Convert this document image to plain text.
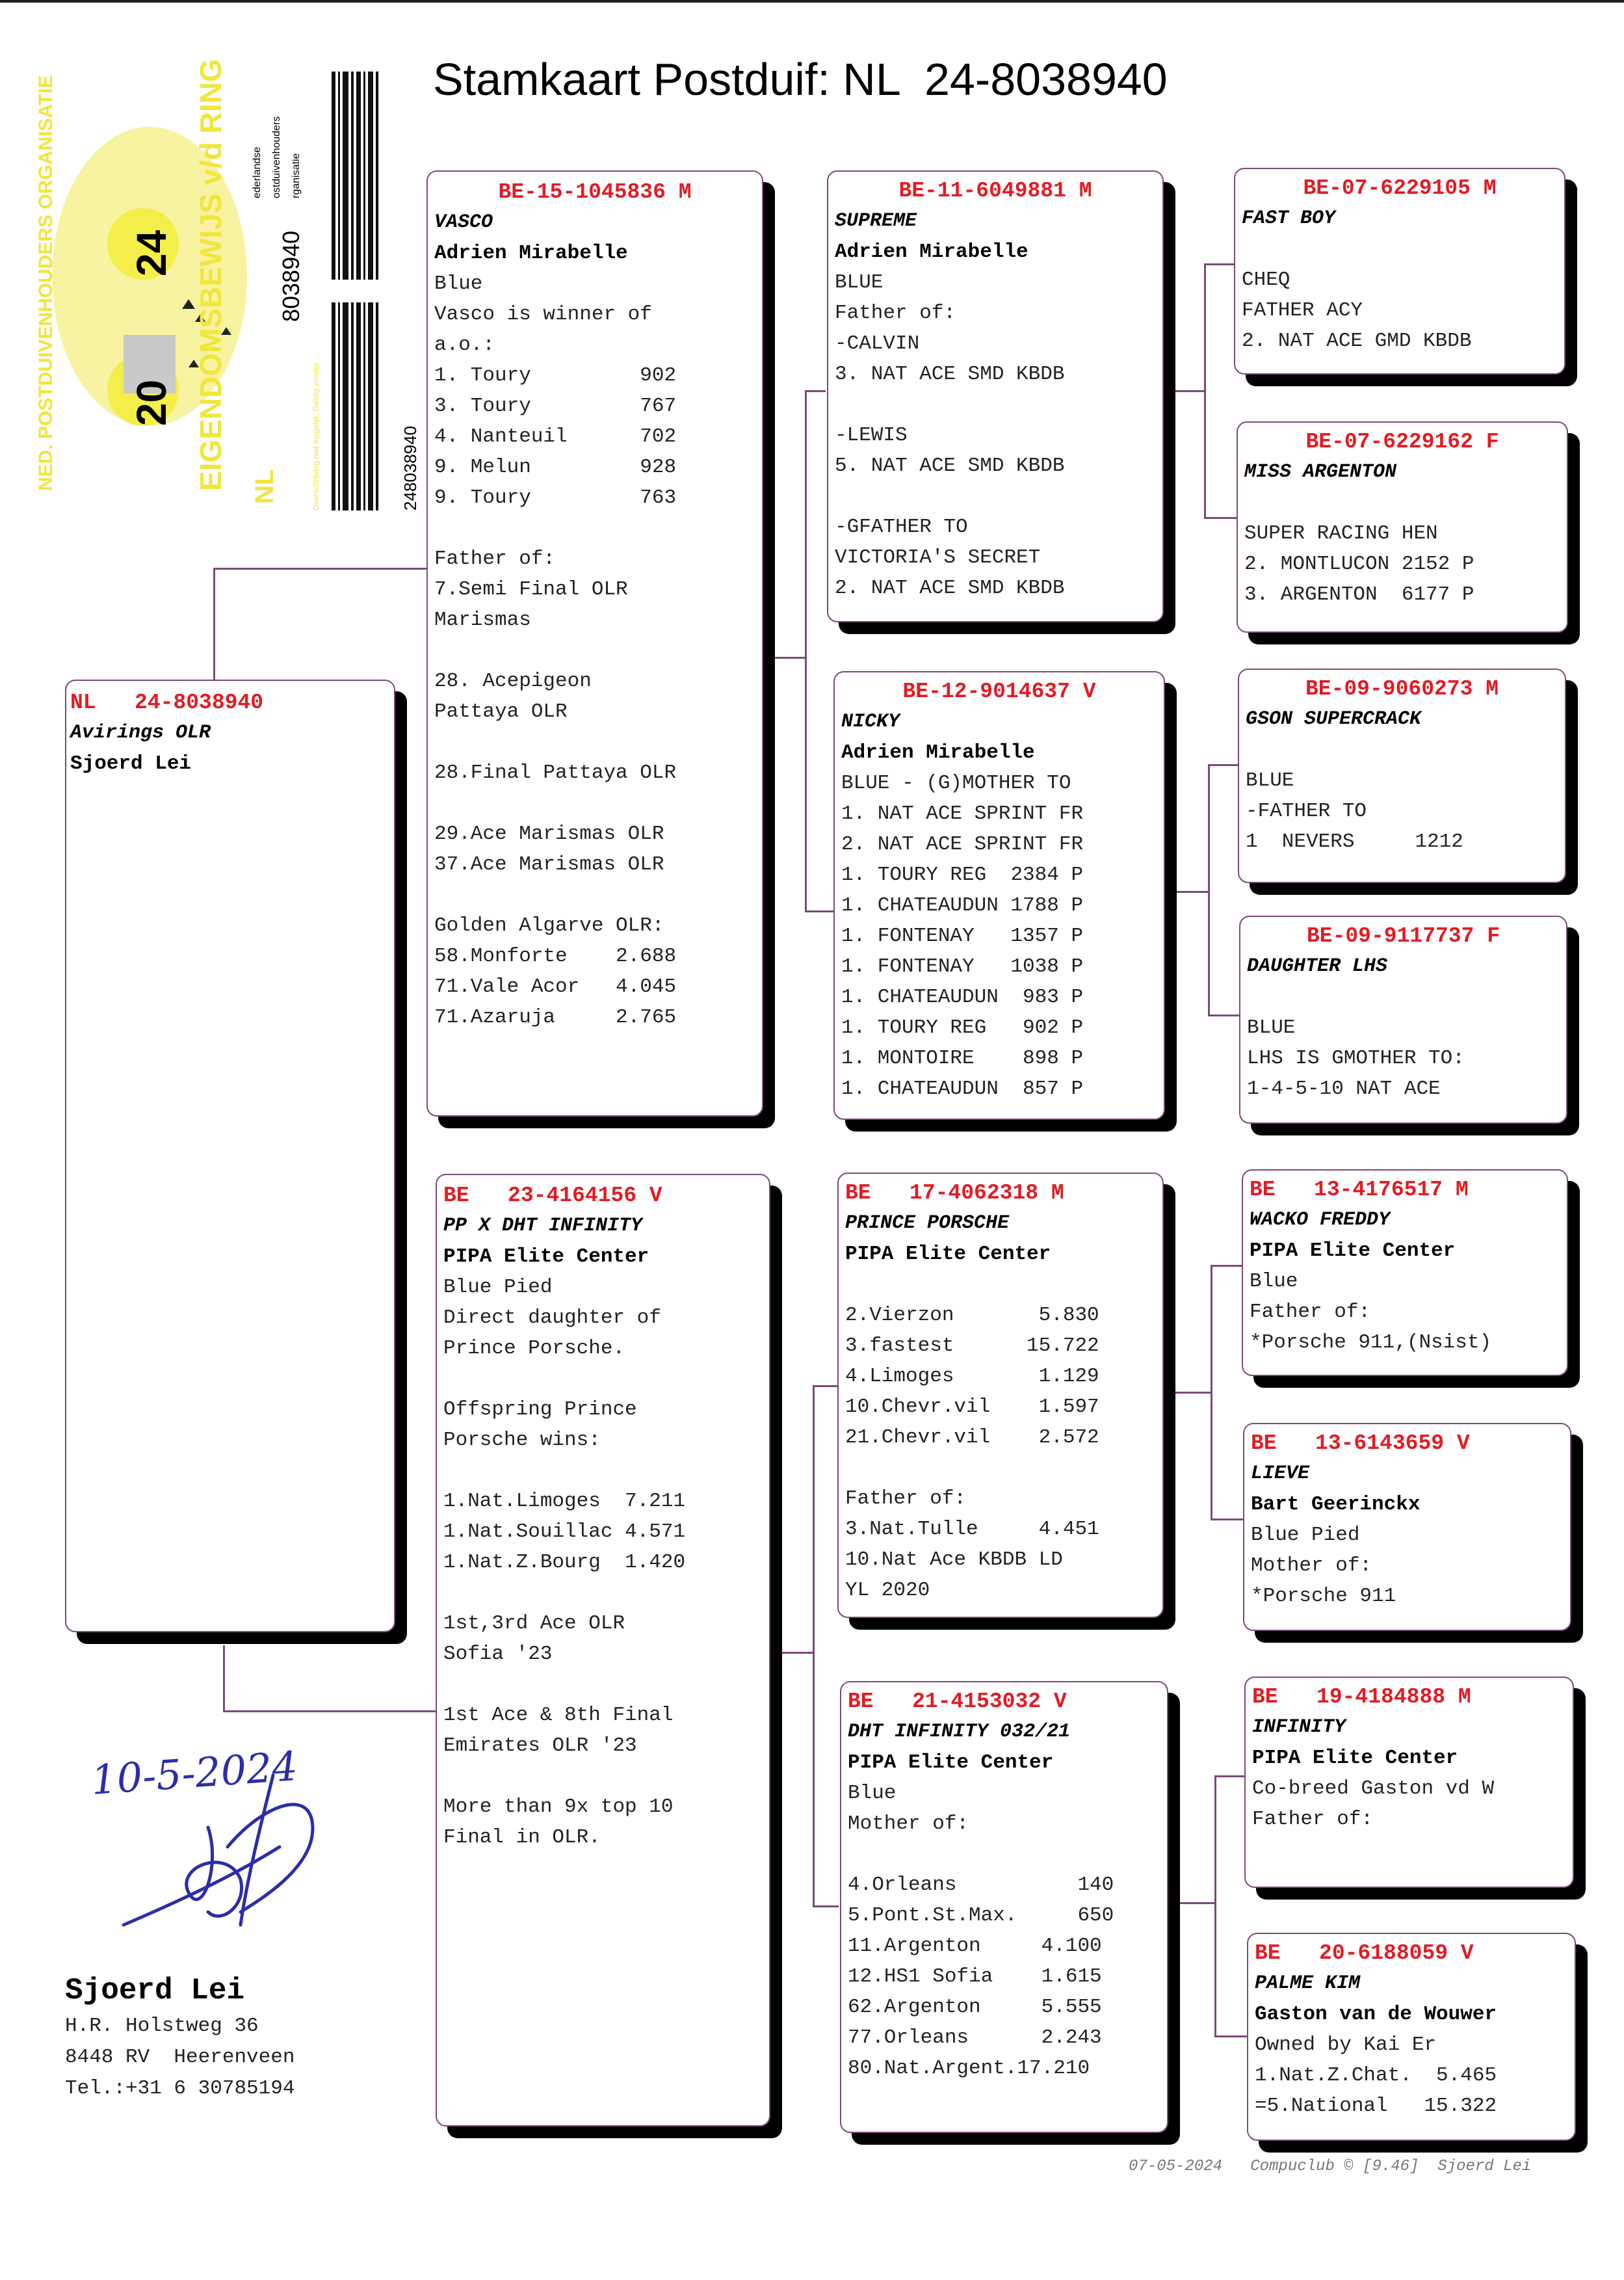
Stamkaart Postduif: NL  24-8038940
NED. POSTDUIVENHOUDERS ORGANISATIE 20
24 EIGENDOMSBEWIJS v/d RING NL
8038940
ederlandse ostduivenhouders rganisatie
Overschrijving niet mogelijk, Geldig zonder ...	248038940
NL   24-8038940
Avirings OLR
Sjoerd Lei
BE-15-1045836 M
VASCO
Adrien Mirabelle
Blue
Vasco is winner of
a.o.:
1. Toury         902
3. Toury         767
4. Nanteuil      702
9. Melun         928
9. Toury         763
Father of:
7.Semi Final OLR
Marismas
28. Acepigeon
Pattaya OLR
28.Final Pattaya OLR
29.Ace Marismas OLR
37.Ace Marismas OLR
Golden Algarve OLR:
58.Monforte    2.688
71.Vale Acor   4.045
71.Azaruja     2.765
BE   23-4164156 V
PP X DHT INFINITY
PIPA Elite Center
Blue Pied
Direct daughter of
Prince Porsche.
Offspring Prince
Porsche wins:
1.Nat.Limoges  7.211
1.Nat.Souillac 4.571
1.Nat.Z.Bourg  1.420
1st,3rd Ace OLR
Sofia '23
1st Ace & 8th Final
Emirates OLR '23
More than 9x top 10
Final in OLR.
BE-11-6049881 M
SUPREME
Adrien Mirabelle
BLUE
Father of:
-CALVIN
3. NAT ACE SMD KBDB
-LEWIS
5. NAT ACE SMD KBDB
-GFATHER TO
VICTORIA'S SECRET
2. NAT ACE SMD KBDB
BE-12-9014637 V
NICKY
Adrien Mirabelle
BLUE - (G)MOTHER TO
1. NAT ACE SPRINT FR
2. NAT ACE SPRINT FR
1. TOURY REG  2384 P
1. CHATEAUDUN 1788 P
1. FONTENAY   1357 P
1. FONTENAY   1038 P
1. CHATEAUDUN  983 P
1. TOURY REG   902 P
1. MONTOIRE    898 P
1. CHATEAUDUN  857 P
BE   17-4062318 M
PRINCE PORSCHE
PIPA Elite Center
2.Vierzon       5.830
3.fastest      15.722
4.Limoges       1.129
10.Chevr.vil    1.597
21.Chevr.vil    2.572
Father of:
3.Nat.Tulle     4.451
10.Nat Ace KBDB LD
YL 2020
BE   21-4153032 V
DHT INFINITY 032/21
PIPA Elite Center
Blue
Mother of:
4.Orleans          140
5.Pont.St.Max.     650
11.Argenton     4.100
12.HS1 Sofia    1.615
62.Argenton     5.555
77.Orleans      2.243
80.Nat.Argent.17.210
BE-07-6229105 M
FAST BOY
CHEQ
FATHER ACY
2. NAT ACE GMD KBDB
BE-07-6229162 F
MISS ARGENTON
SUPER RACING HEN
2. MONTLUCON 2152 P
3. ARGENTON  6177 P
BE-09-9060273 M
GSON SUPERCRACK
BLUE
-FATHER TO
1  NEVERS     1212
BE-09-9117737 F
DAUGHTER LHS
BLUE
LHS IS GMOTHER TO:
1-4-5-10 NAT ACE
BE   13-4176517 M
WACKO FREDDY
PIPA Elite Center
Blue
Father of:
*Porsche 911,(Nsist)
BE   13-6143659 V
LIEVE
Bart Geerinckx
Blue Pied
Mother of:
*Porsche 911
BE   19-4184888 M
INFINITY
PIPA Elite Center
Co-breed Gaston vd W
Father of:
BE   20-6188059 V
PALME KIM
Gaston van de Wouwer
Owned by Kai Er
1.Nat.Z.Chat.  5.465
=5.National   15.322
10-5-2024
Sjoerd Lei
H.R. Holstweg 36
8448 RV  Heerenveen
Tel.:+31 6 30785194
07-05-2024   Compuclub © [9.46]  Sjoerd Lei
